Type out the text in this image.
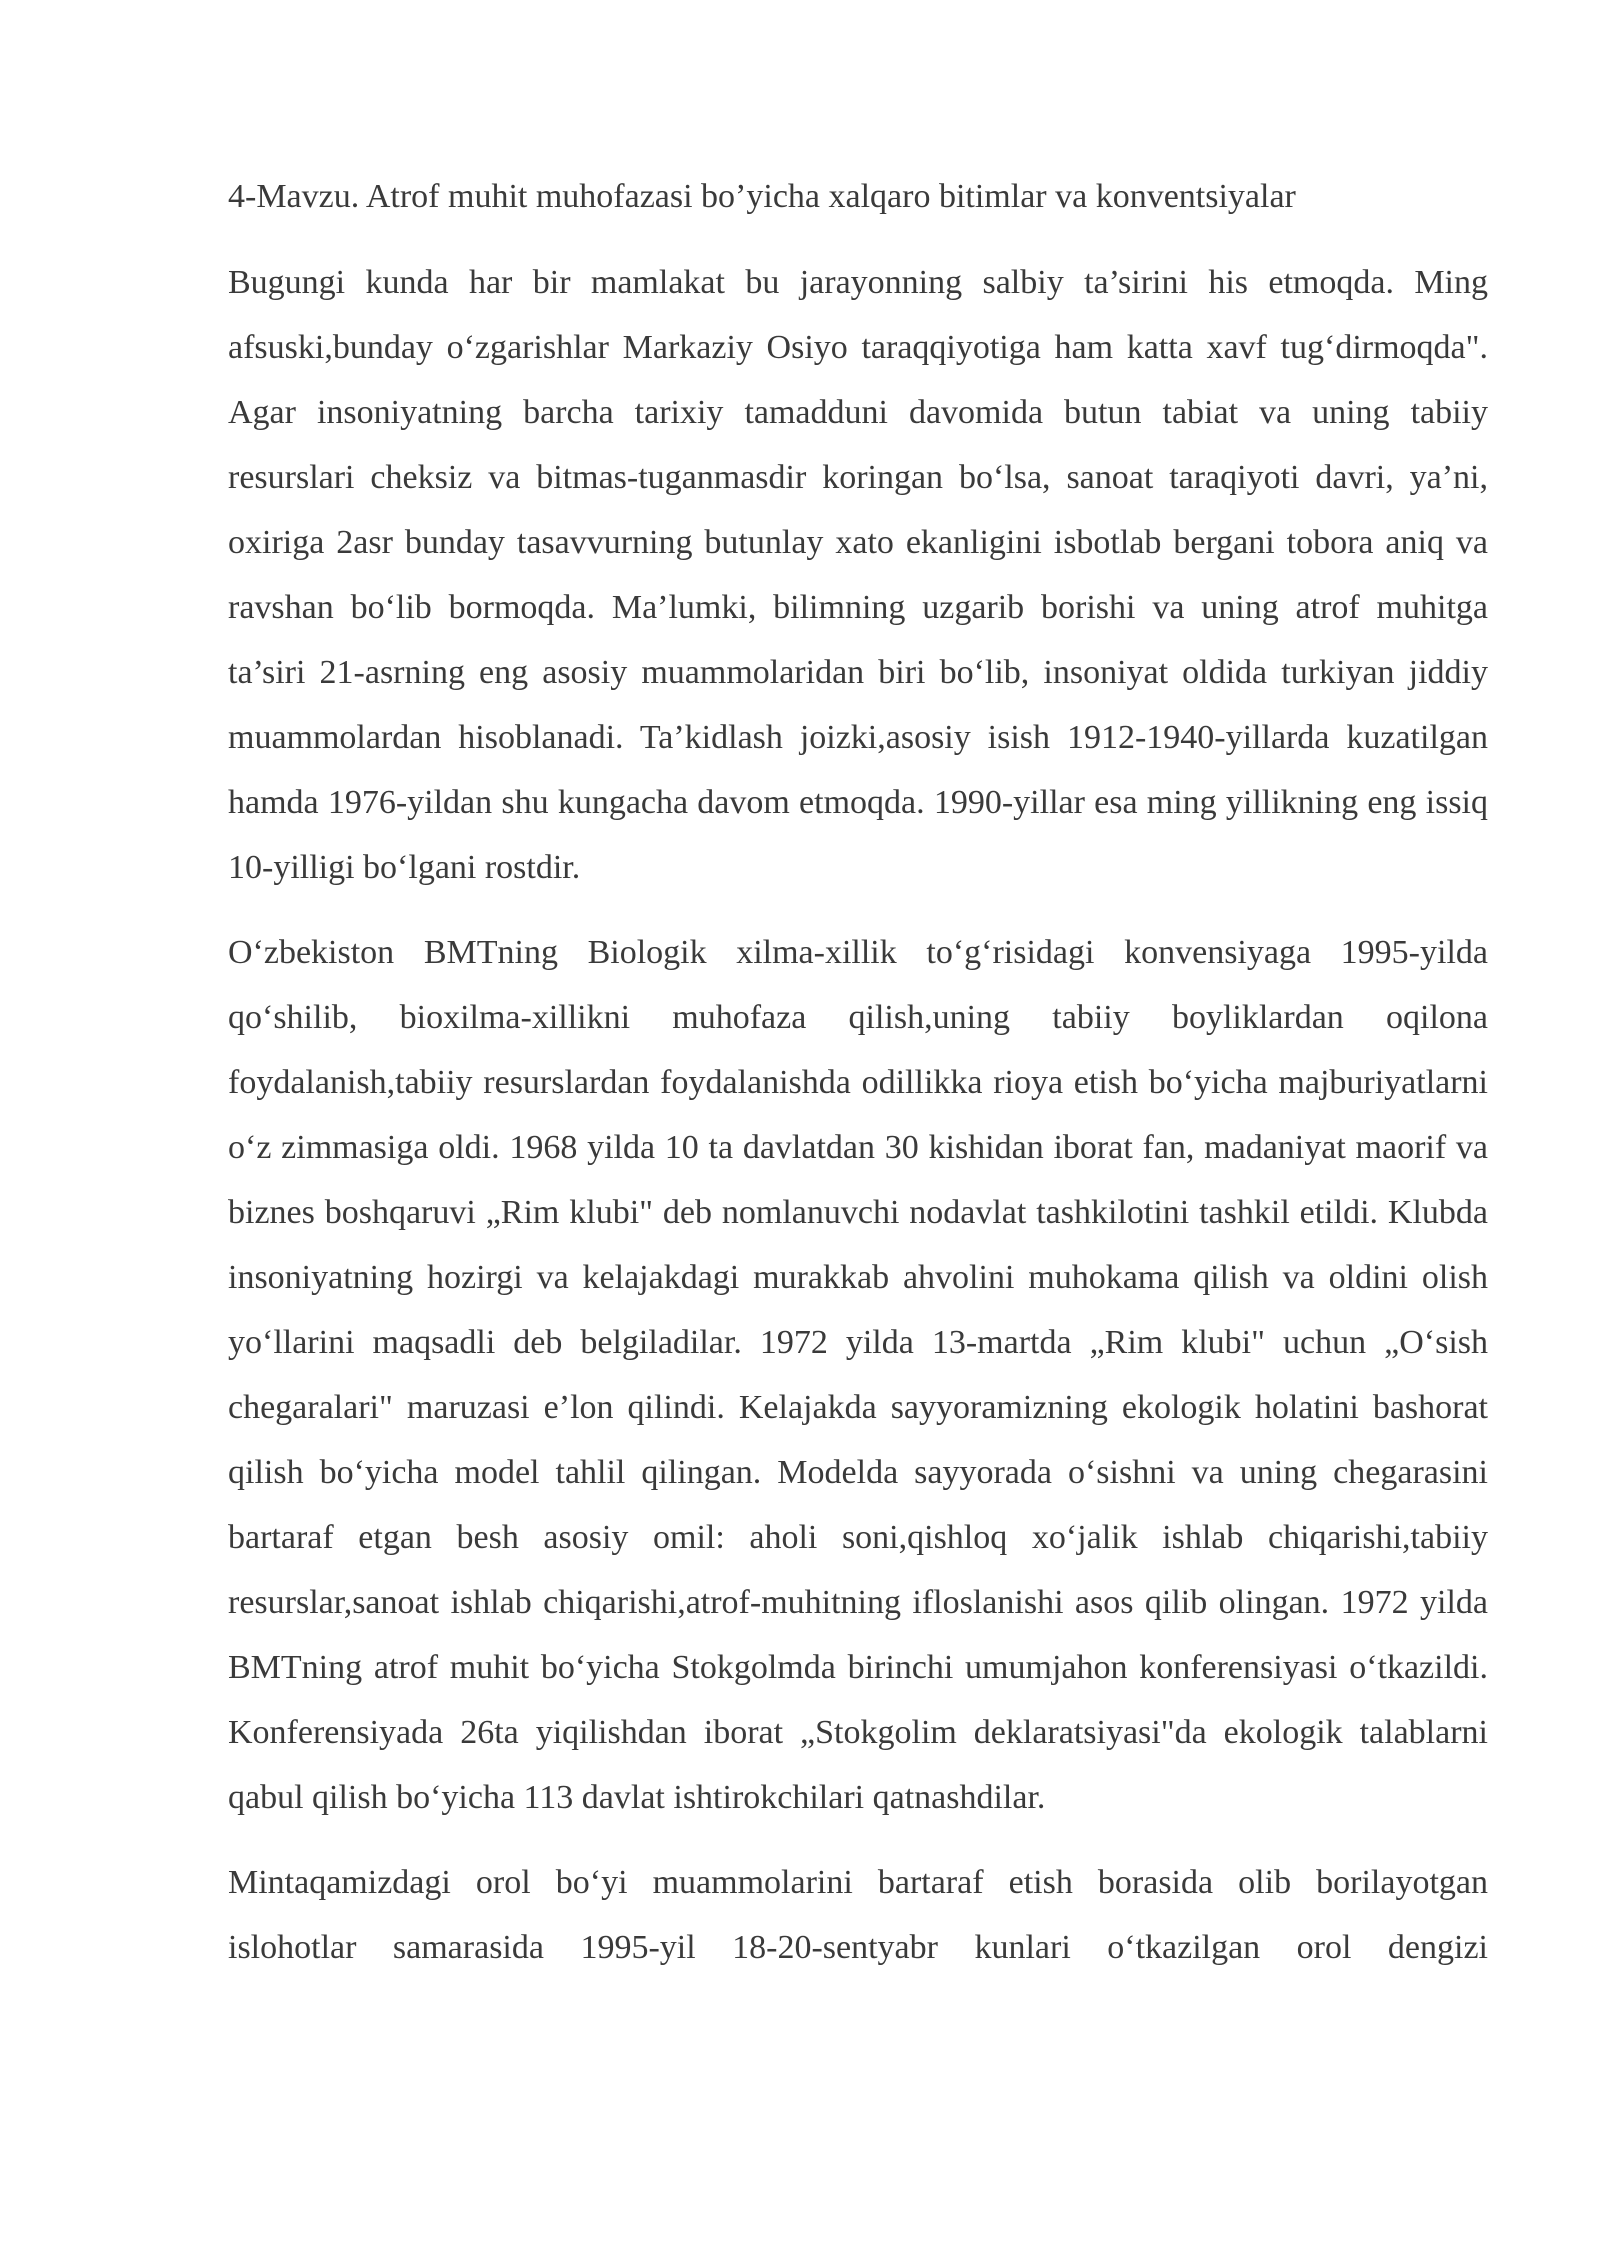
4-Mavzu. Atrof muhit muhofazasi bo’yicha xalqaro bitimlar va konventsiyalar

Bugungi kunda har bir mamlakat bu jarayonning salbiy ta’sirini his etmoqda. Ming afsuski,bunday oʻzgarishlar Markaziy Osiyo taraqqiyotiga ham katta xavf tugʻdirmoqda". Agar insoniyatning barcha tarixiy tamadduni davomida butun tabiat va uning tabiiy resurslari cheksiz va bitmas-tuganmasdir koringan boʻlsa, sanoat taraqiyoti davri, ya’ni, oxiriga 2asr bunday tasavvurning butunlay xato ekanligini isbotlab bergani tobora aniq va ravshan boʻlib bormoqda. Ma’lumki, bilimning uzgarib borishi va uning atrof muhitga ta’siri 21-asrning eng asosiy muammolaridan biri boʻlib, insoniyat oldida turkiyan jiddiy muammolardan hisoblanadi. Ta’kidlash joizki,asosiy isish 1912-1940-yillarda kuzatilgan hamda 1976-yildan shu kungacha davom etmoqda. 1990-yillar esa ming yillikning eng issiq 10-yilligi boʻlgani rostdir.

Oʻzbekiston BMTning Biologik xilma-xillik toʻgʻrisidagi konvensiyaga 1995-yilda qoʻshilib, bioxilma-xillikni muhofaza qilish,uning tabiiy boyliklardan oqilona foydalanish,tabiiy resurslardan foydalanishda odillikka rioya etish boʻyicha majburiyatlarni oʻz zimmasiga oldi. 1968 yilda 10 ta davlatdan 30 kishidan iborat fan, madaniyat maorif va biznes boshqaruvi „Rim klubi" deb nomlanuvchi nodavlat tashkilotini tashkil etildi. Klubda insoniyatning hozirgi va kelajakdagi murakkab ahvolini muhokama qilish va oldini olish yoʻllarini maqsadli deb belgiladilar. 1972 yilda 13-martda „Rim klubi" uchun „Oʻsish chegaralari" maruzasi e’lon qilindi. Kelajakda sayyoramizning ekologik holatini bashorat qilish boʻyicha model tahlil qilingan. Modelda sayyorada oʻsishni va uning chegarasini bartaraf etgan besh asosiy omil: aholi soni,qishloq xoʻjalik ishlab chiqarishi,tabiiy resurslar,sanoat ishlab chiqarishi,atrof-muhitning ifloslanishi asos qilib olingan. 1972 yilda BMTning atrof muhit boʻyicha Stokgolmda birinchi umumjahon konferensiyasi oʻtkazildi. Konferensiyada 26ta yiqilishdan iborat „Stokgolim deklaratsiyasi"da ekologik talablarni qabul qilish boʻyicha 113 davlat ishtirokchilari qatnashdilar.

Mintaqamizdagi orol boʻyi muammolarini bartaraf etish borasida olib borilayotgan islohotlar samarasida 1995-yil 18-20-sentyabr kunlari oʻtkazilgan orol dengizi
